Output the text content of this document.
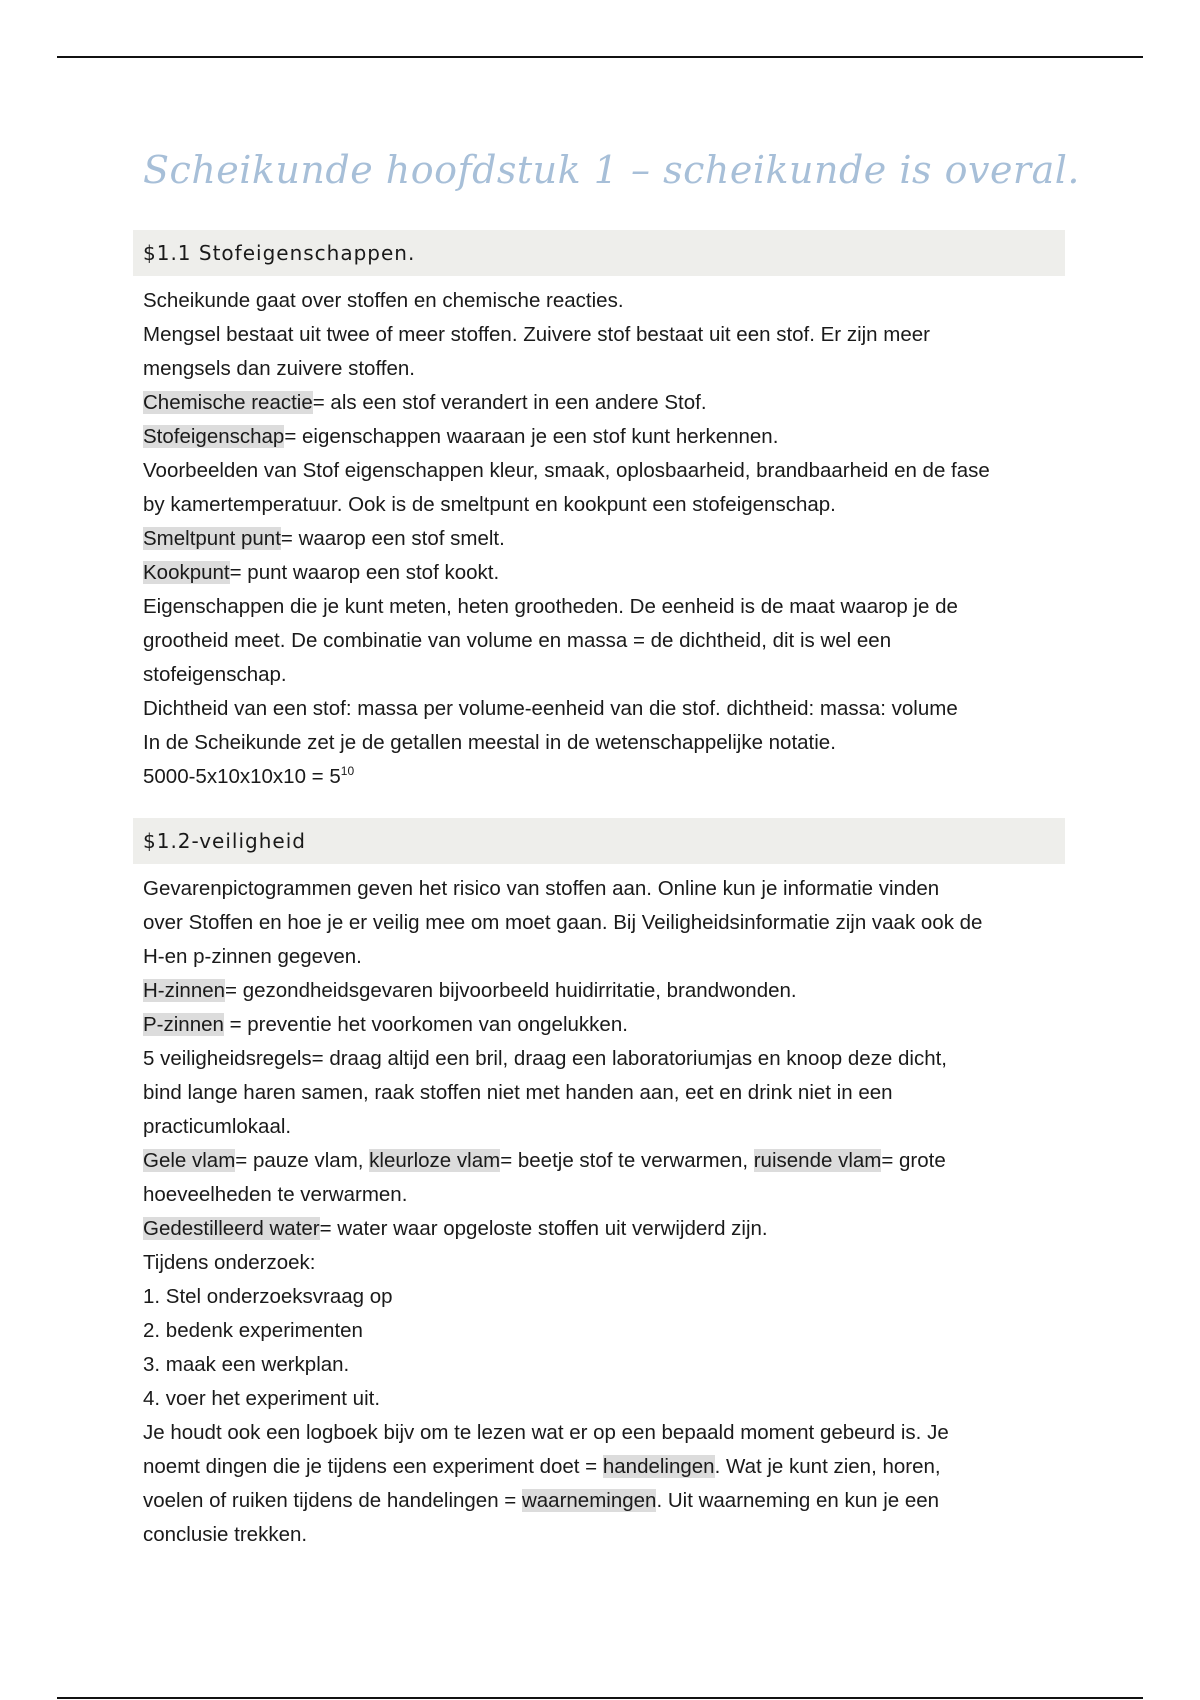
Scheikunde hoofdstuk 1 – scheikunde is overal.
$1.1 Stofeigenschappen.
Scheikunde gaat over stoffen en chemische reacties.
Mengsel bestaat uit twee of meer stoffen. Zuivere stof bestaat uit een stof. Er zijn meer
mengsels dan zuivere stoffen.
Chemische reactie= als een stof verandert in een andere Stof.
Stofeigenschap= eigenschappen waaraan je een stof kunt herkennen.
Voorbeelden van Stof eigenschappen kleur, smaak, oplosbaarheid, brandbaarheid en de fase
by kamertemperatuur. Ook is de smeltpunt en kookpunt een stofeigenschap.
Smeltpunt punt= waarop een stof smelt.
Kookpunt= punt waarop een stof kookt.
Eigenschappen die je kunt meten, heten grootheden. De eenheid is de maat waarop je de
grootheid meet. De combinatie van volume en massa = de dichtheid, dit is wel een
stofeigenschap.
Dichtheid van een stof: massa per volume-eenheid van die stof. dichtheid: massa: volume
In de Scheikunde zet je de getallen meestal in de wetenschappelijke notatie.
$5000-5x10x10x10 = 5^{10}$
$1.2-veiligheid
Gevarenpictogrammen geven het risico van stoffen aan. Online kun je informatie vinden
over Stoffen en hoe je er veilig mee om moet gaan. Bij Veiligheidsinformatie zijn vaak ook de
H-en p-zinnen gegeven.
H-zinnen= gezondheidsgevaren bijvoorbeeld huidirritatie, brandwonden.
P-zinnen = preventie het voorkomen van ongelukken.
5 veiligheidsregels= draag altijd een bril, draag een laboratoriumjas en knoop deze dicht,
bind lange haren samen, raak stoffen niet met handen aan, eet en drink niet in een
practicumlokaal.
Gele vlam= pauze vlam, kleurloze vlam= beetje stof te verwarmen, ruisende vlam= grote
hoeveelheden te verwarmen.
Gedestilleerd water= water waar opgeloste stoffen uit verwijderd zijn.
Tijdens onderzoek:
1. Stel onderzoeksvraag op
2. bedenk experimenten
3. maak een werkplan.
4. voer het experiment uit.
Je houdt ook een logboek bijv om te lezen wat er op een bepaald moment gebeurd is. Je
noemt dingen die je tijdens een experiment doet = handelingen. Wat je kunt zien, horen,
voelen of ruiken tijdens de handelingen = waarnemingen. Uit waarneming en kun je een
conclusie trekken.
